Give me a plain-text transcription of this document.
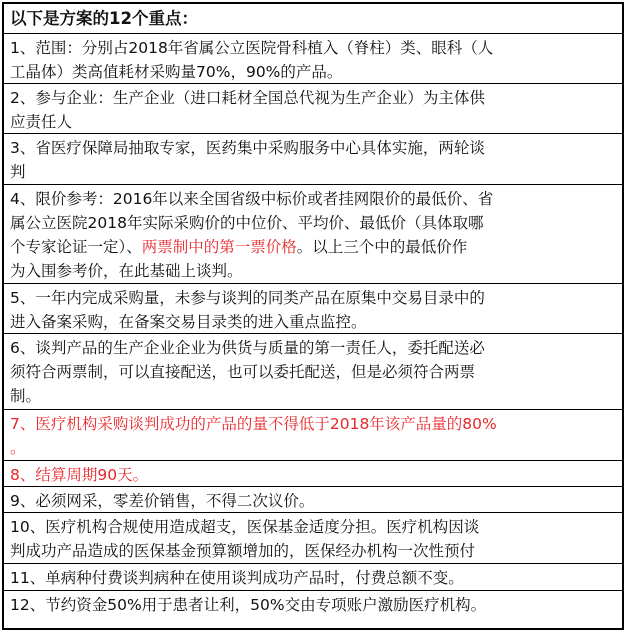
以下是方案的12个重点：
1、范围：分别占2018年省属公立医院骨科植入（脊柱）类、眼科（人
工晶体）类高值耗材采购量70%，90%的产品。
2、参与企业：生产企业（进口耗材全国总代视为生产企业）为主体供
应责任人
3、省医疗保障局抽取专家，医药集中采购服务中心具体实施，两轮谈
判
4、限价参考：2016年以来全国省级中标价或者挂网限价的最低价、省
属公立医院2018年实际采购价的中位价、平均价、最低价（具体取哪
个专家论证一定）、两票制中的第一票价格。以上三个中的最低价作
为入围参考价，在此基础上谈判。
5、一年内完成采购量，未参与谈判的同类产品在原集中交易目录中的
进入备案采购，在备案交易目录类的进入重点监控。
6、谈判产品的生产企业企业为供货与质量的第一责任人，委托配送必
须符合两票制，可以直接配送，也可以委托配送，但是必须符合两票
制。
7、医疗机构采购谈判成功的产品的量不得低于2018年该产品量的80%
。
8、结算周期90天。
9、必须网采，零差价销售，不得二次议价。
10、医疗机构合规使用造成超支，医保基金适度分担。医疗机构因谈
判成功产品造成的医保基金预算额增加的，医保经办机构一次性预付
11、单病种付费谈判病种在使用谈判成功产品时，付费总额不变。
12、节约资金50%用于患者让利，50%交由专项账户激励医疗机构。
